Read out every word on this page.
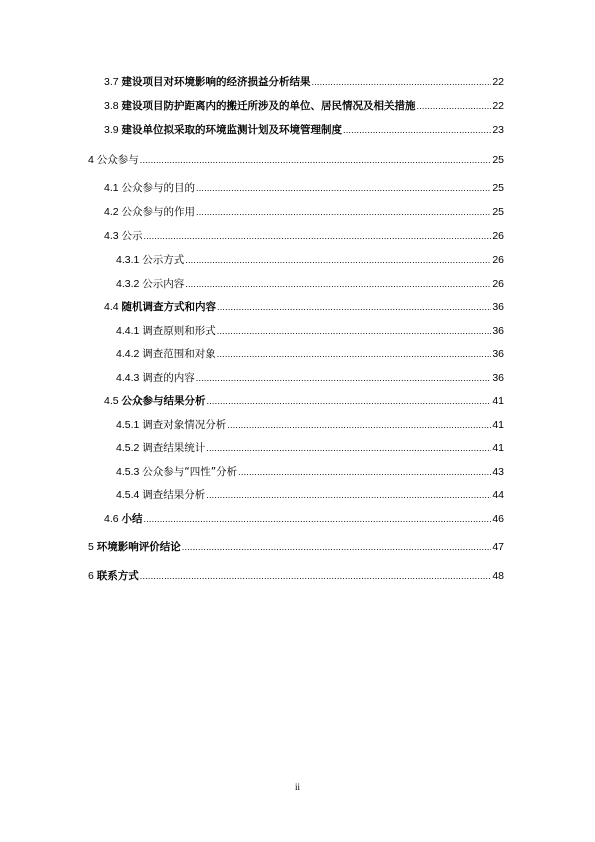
3.7 建设项目对环境影响的经济损益分析结果 .....	22
3.8 建设项目防护距离内的搬迁所涉及的单位、居民情况及相关措施 .....	22
3.9 建设单位拟采取的环境监测计划及环境管理制度 .....	23
4 公众参与 .....	25
4.1 公众参与的目的 .....	25
4.2 公众参与的作用 .....	25
4.3 公示 .....	26
4.3.1 公示方式 .....	26
4.3.2 公示内容 .....	26
4.4 随机调查方式和内容 .....	36
4.4.1 调查原则和形式 .....	36
4.4.2 调查范围和对象 .....	36
4.4.3 调查的内容 .....	36
4.5 公众参与结果分析 .....	41
4.5.1 调查对象情况分析 .....	41
4.5.2 调查结果统计 .....	41
4.5.3 公众参与“四性”分析 .....	43
4.5.4 调查结果分析 .....	44
4.6 小结 .....	46
5 环境影响评价结论 .....	47
6 联系方式 .....	48
ii
